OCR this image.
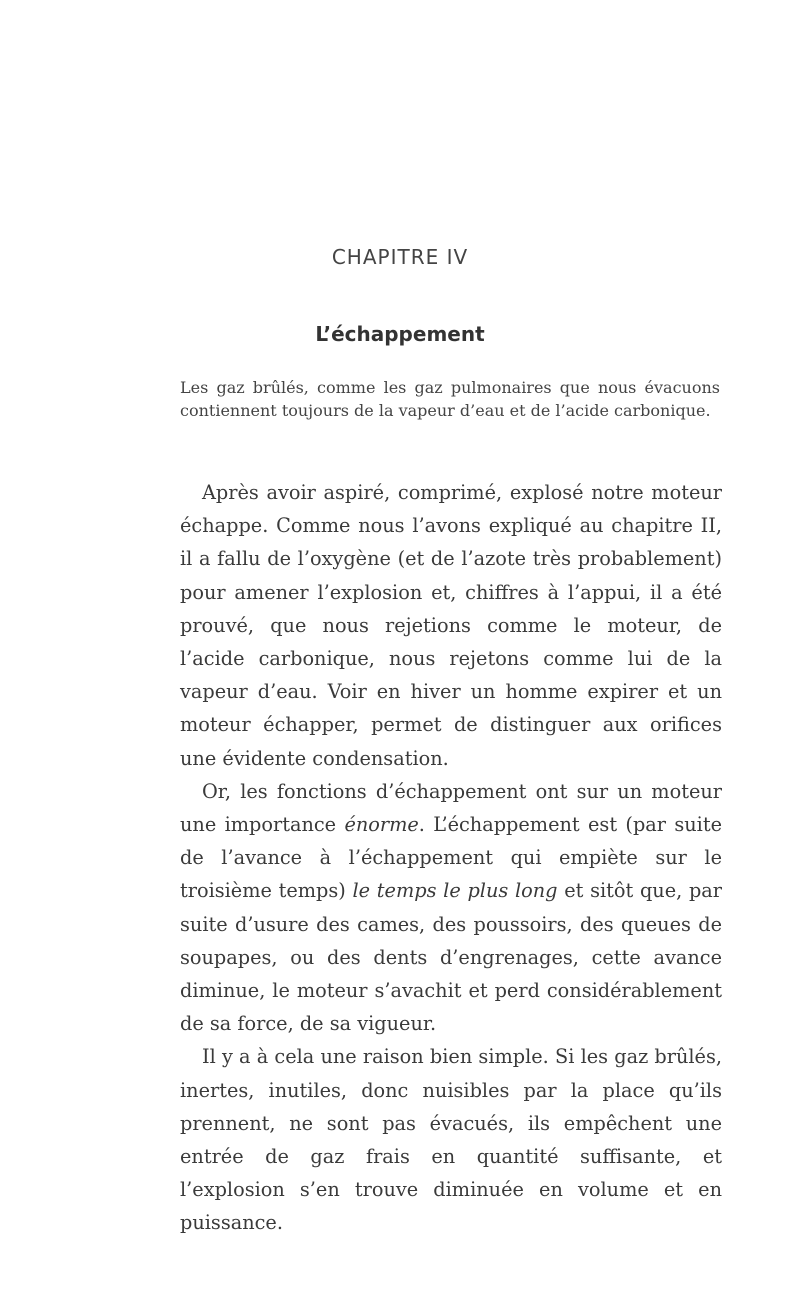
CHAPITRE IV
L’échappement
Les gaz brûlés, comme les gaz pulmonaires que nous évacuons contiennent toujours de la vapeur d’eau et de l’acide carbonique.

Après avoir aspiré, comprimé, explosé notre moteur échappe. Comme nous l’avons expliqué au chapitre II, il a fallu de l’oxygène (et de l’azote très probablement) pour amener l’explosion et, chiffres à l’appui, il a été prouvé, que nous rejetions comme le moteur, de l’acide carbonique, nous rejetons comme lui de la vapeur d’eau. Voir en hiver un homme expirer et un moteur échapper, permet de distinguer aux orifices une évidente condensation.

Or, les fonctions d’échappement ont sur un moteur une importance énorme. L’échappement est (par suite de l’avance à l’échappement qui empiète sur le troisième temps) le temps le plus long et sitôt que, par suite d’usure des cames, des poussoirs, des queues de soupapes, ou des dents d’engrenages, cette avance diminue, le moteur s’avachit et perd considérablement de sa force, de sa vigueur.

Il y a à cela une raison bien simple. Si les gaz brûlés, inertes, inutiles, donc nuisibles par la place qu’ils prennent, ne sont pas évacués, ils empêchent une entrée de gaz frais en quantité suffisante, et l’explosion s’en trouve diminuée en volume et en puissance.
